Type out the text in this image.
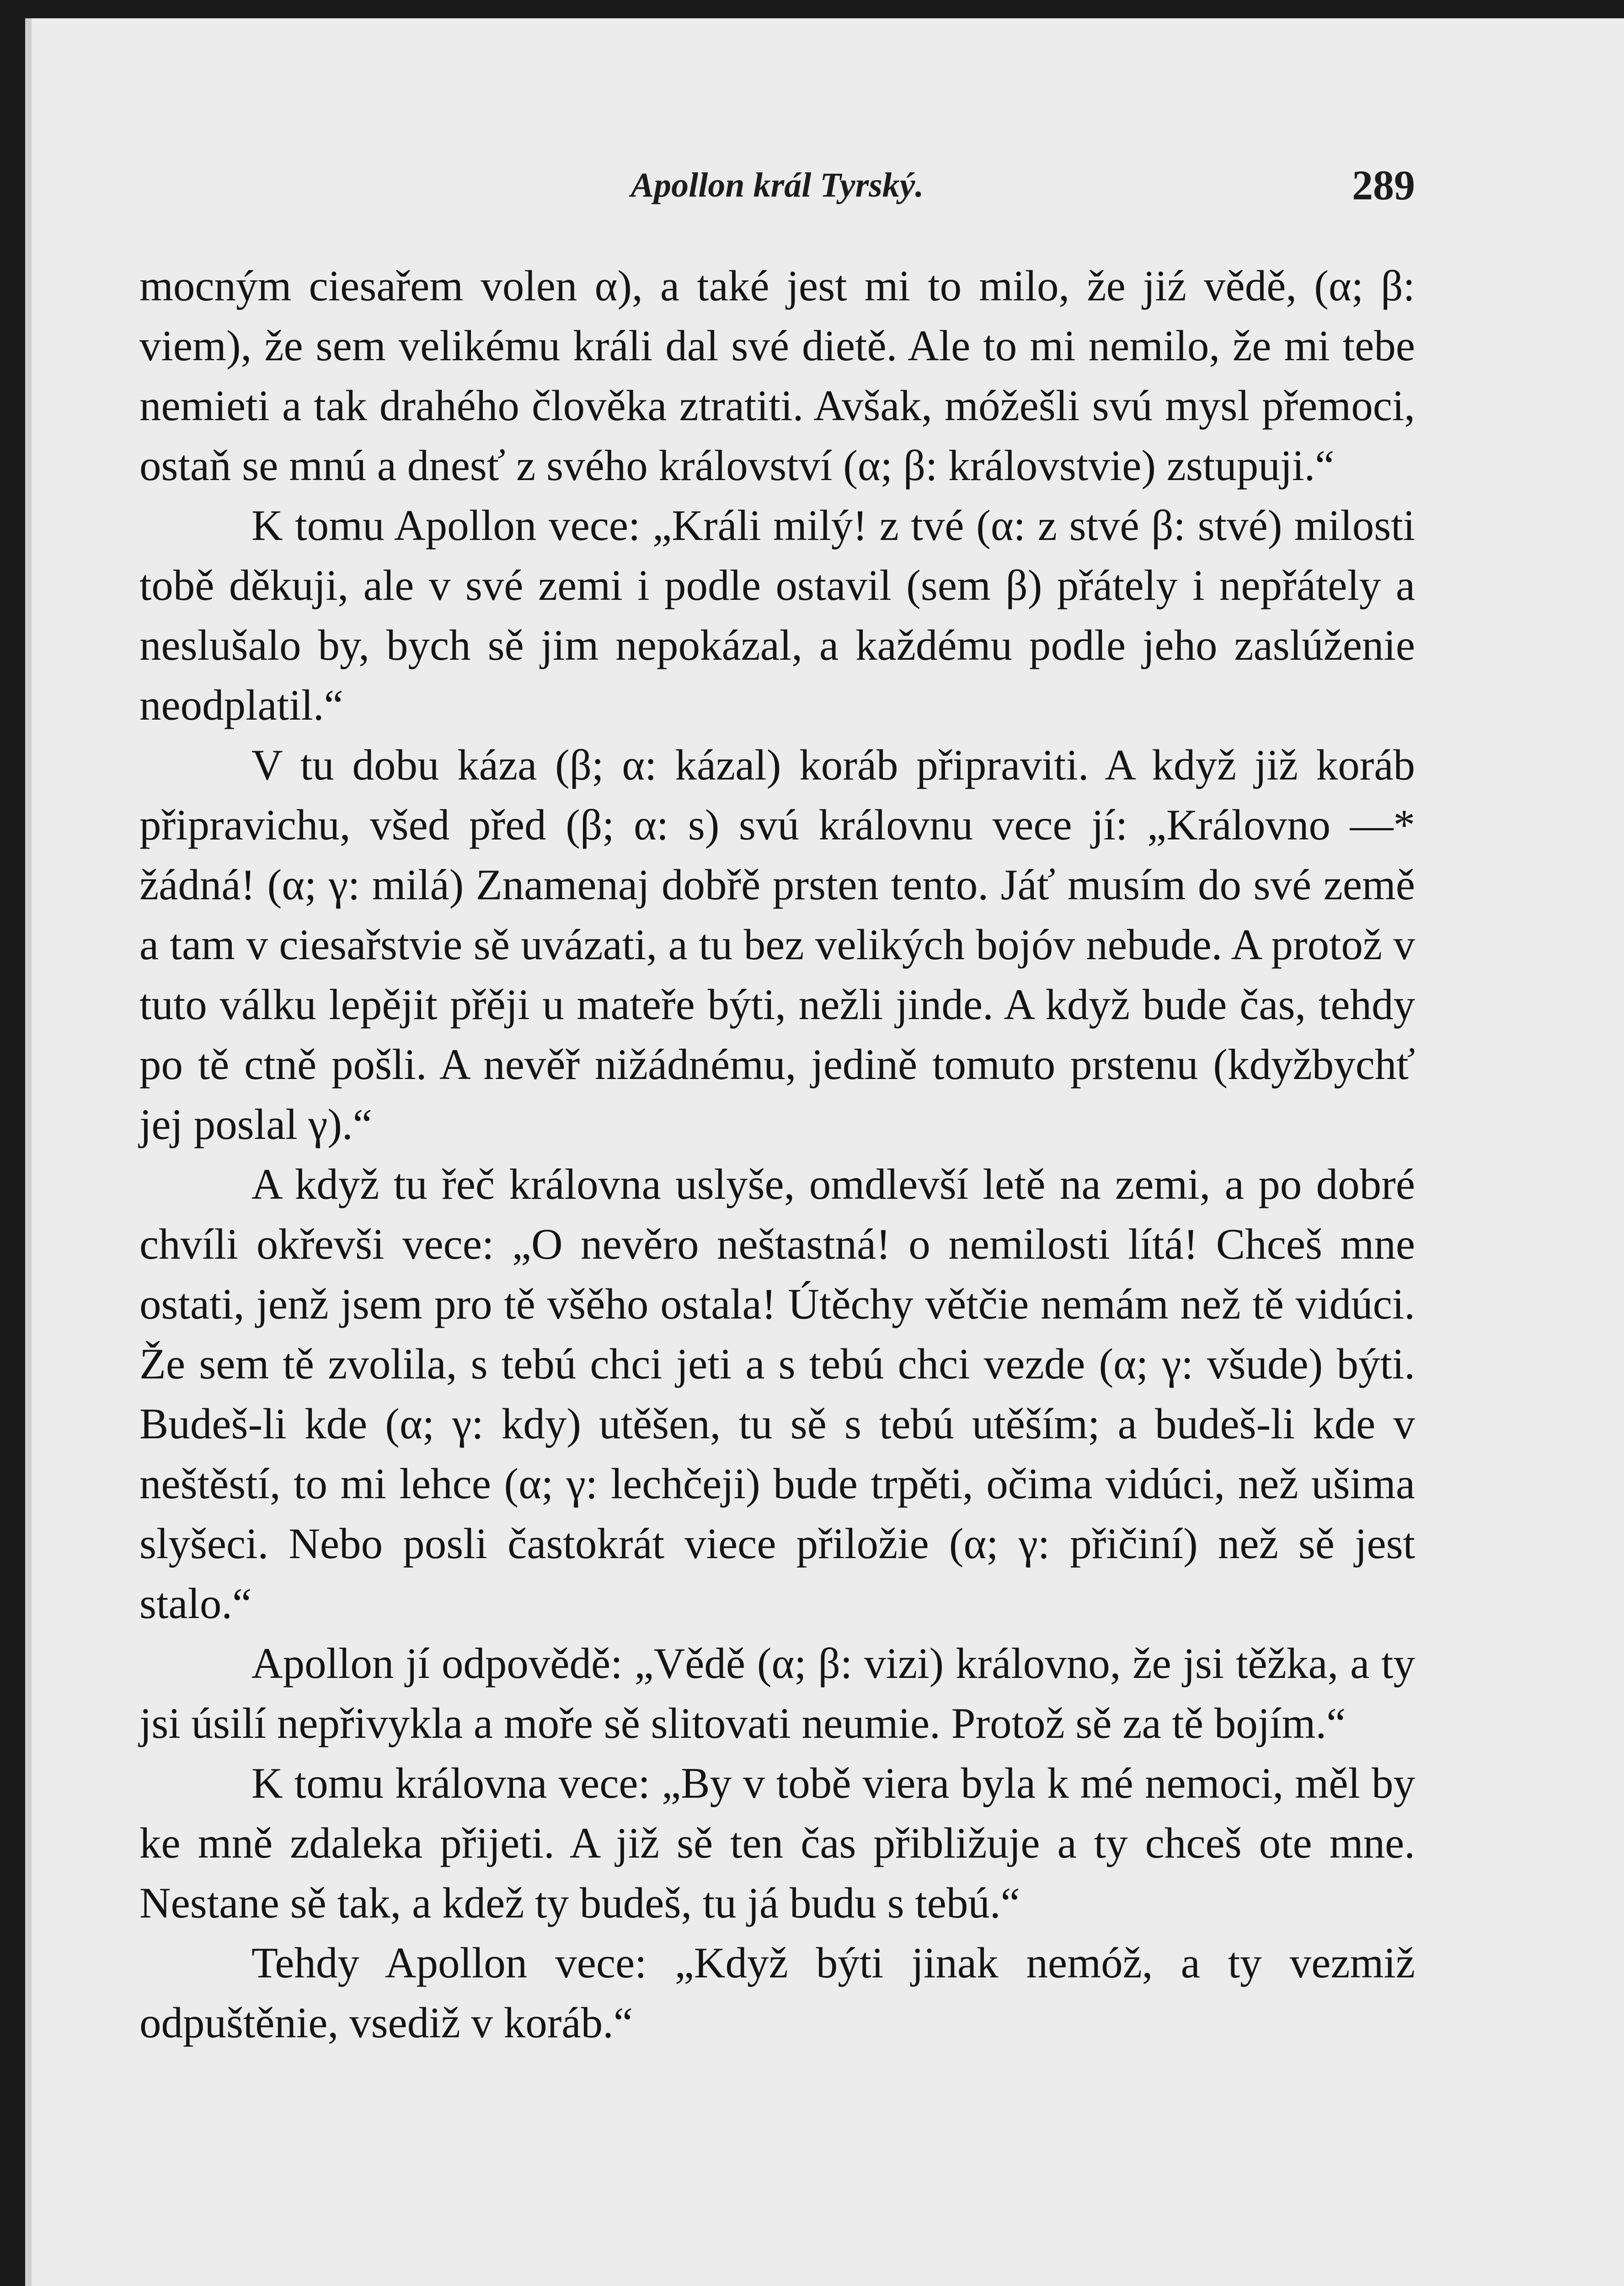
Apollon král Tyrský.	289

mocným ciesařem volen α), a také jest mi to milo, že jiź vědě, (α; β: viem), že sem velikému králi dal své dietě. Ale to mi nemilo, že mi tebe nemieti a tak drahého člověka ztratiti. Avšak, móžešli svú mysl přemoci, ostaň se mnú a dnesť z svého království (α; β: královstvie) zstupuji.“

K tomu Apollon vece: „Králi milý! z tvé (α: z stvé β: stvé) milosti tobě děkuji, ale v své zemi i podle ostavil (sem β) přátely i nepřátely a neslušalo by, bych sě jim nepokázal, a každému podle jeho zaslúženie neodplatil.“

V tu dobu káza (β; α: kázal) koráb připraviti. A když již koráb připravichu, všed před (β; α: s) svú královnu vece jí: „Královno —* žádná! (α; γ: milá) Znamenaj dobřě prsten tento. Jáť musím do své země a tam v ciesařstvie sě uvázati, a tu bez velikých bojóv nebude. A protož v tuto válku lepějit přěji u mateře býti, nežli jinde. A když bude čas, tehdy po tě ctně pošli. A nevěř nižádnému, jedině tomuto prstenu (kdyžbychť jej poslal γ).“

A když tu řeč královna uslyše, omdlevší letě na zemi, a po dobré chvíli okřevši vece: „O nevěro neštastná! o nemilosti lítá! Chceš mne ostati, jenž jsem pro tě všěho ostala! Útěchy větčie nemám než tě vidúci. Že sem tě zvolila, s tebú chci jeti a s tebú chci vezde (α; γ: všude) býti. Budeš-li kde (α; γ: kdy) utěšen, tu sě s tebú utěším; a budeš-li kde v neštěstí, to mi lehce (α; γ: lechčeji) bude trpěti, očima vidúci, než ušima slyšeci. Nebo posli častokrát viece přiložie (α; γ: přičiní) než sě jest stalo.“

Apollon jí odpovědě: „Vědě (α; β: vizi) královno, že jsi těžka, a ty jsi úsilí nepřivykla a moře sě slitovati neumie. Protož sě za tě bojím.“

K tomu královna vece: „By v tobě viera byla k mé nemoci, měl by ke mně zdaleka přijeti. A již sě ten čas přibližuje a ty chceš ote mne. Nestane sě tak, a kdež ty budeš, tu já budu s tebú.“

Tehdy Apollon vece: „Když býti jinak nemóž, a ty vezmiž odpuštěnie, vsediž v koráb.“
